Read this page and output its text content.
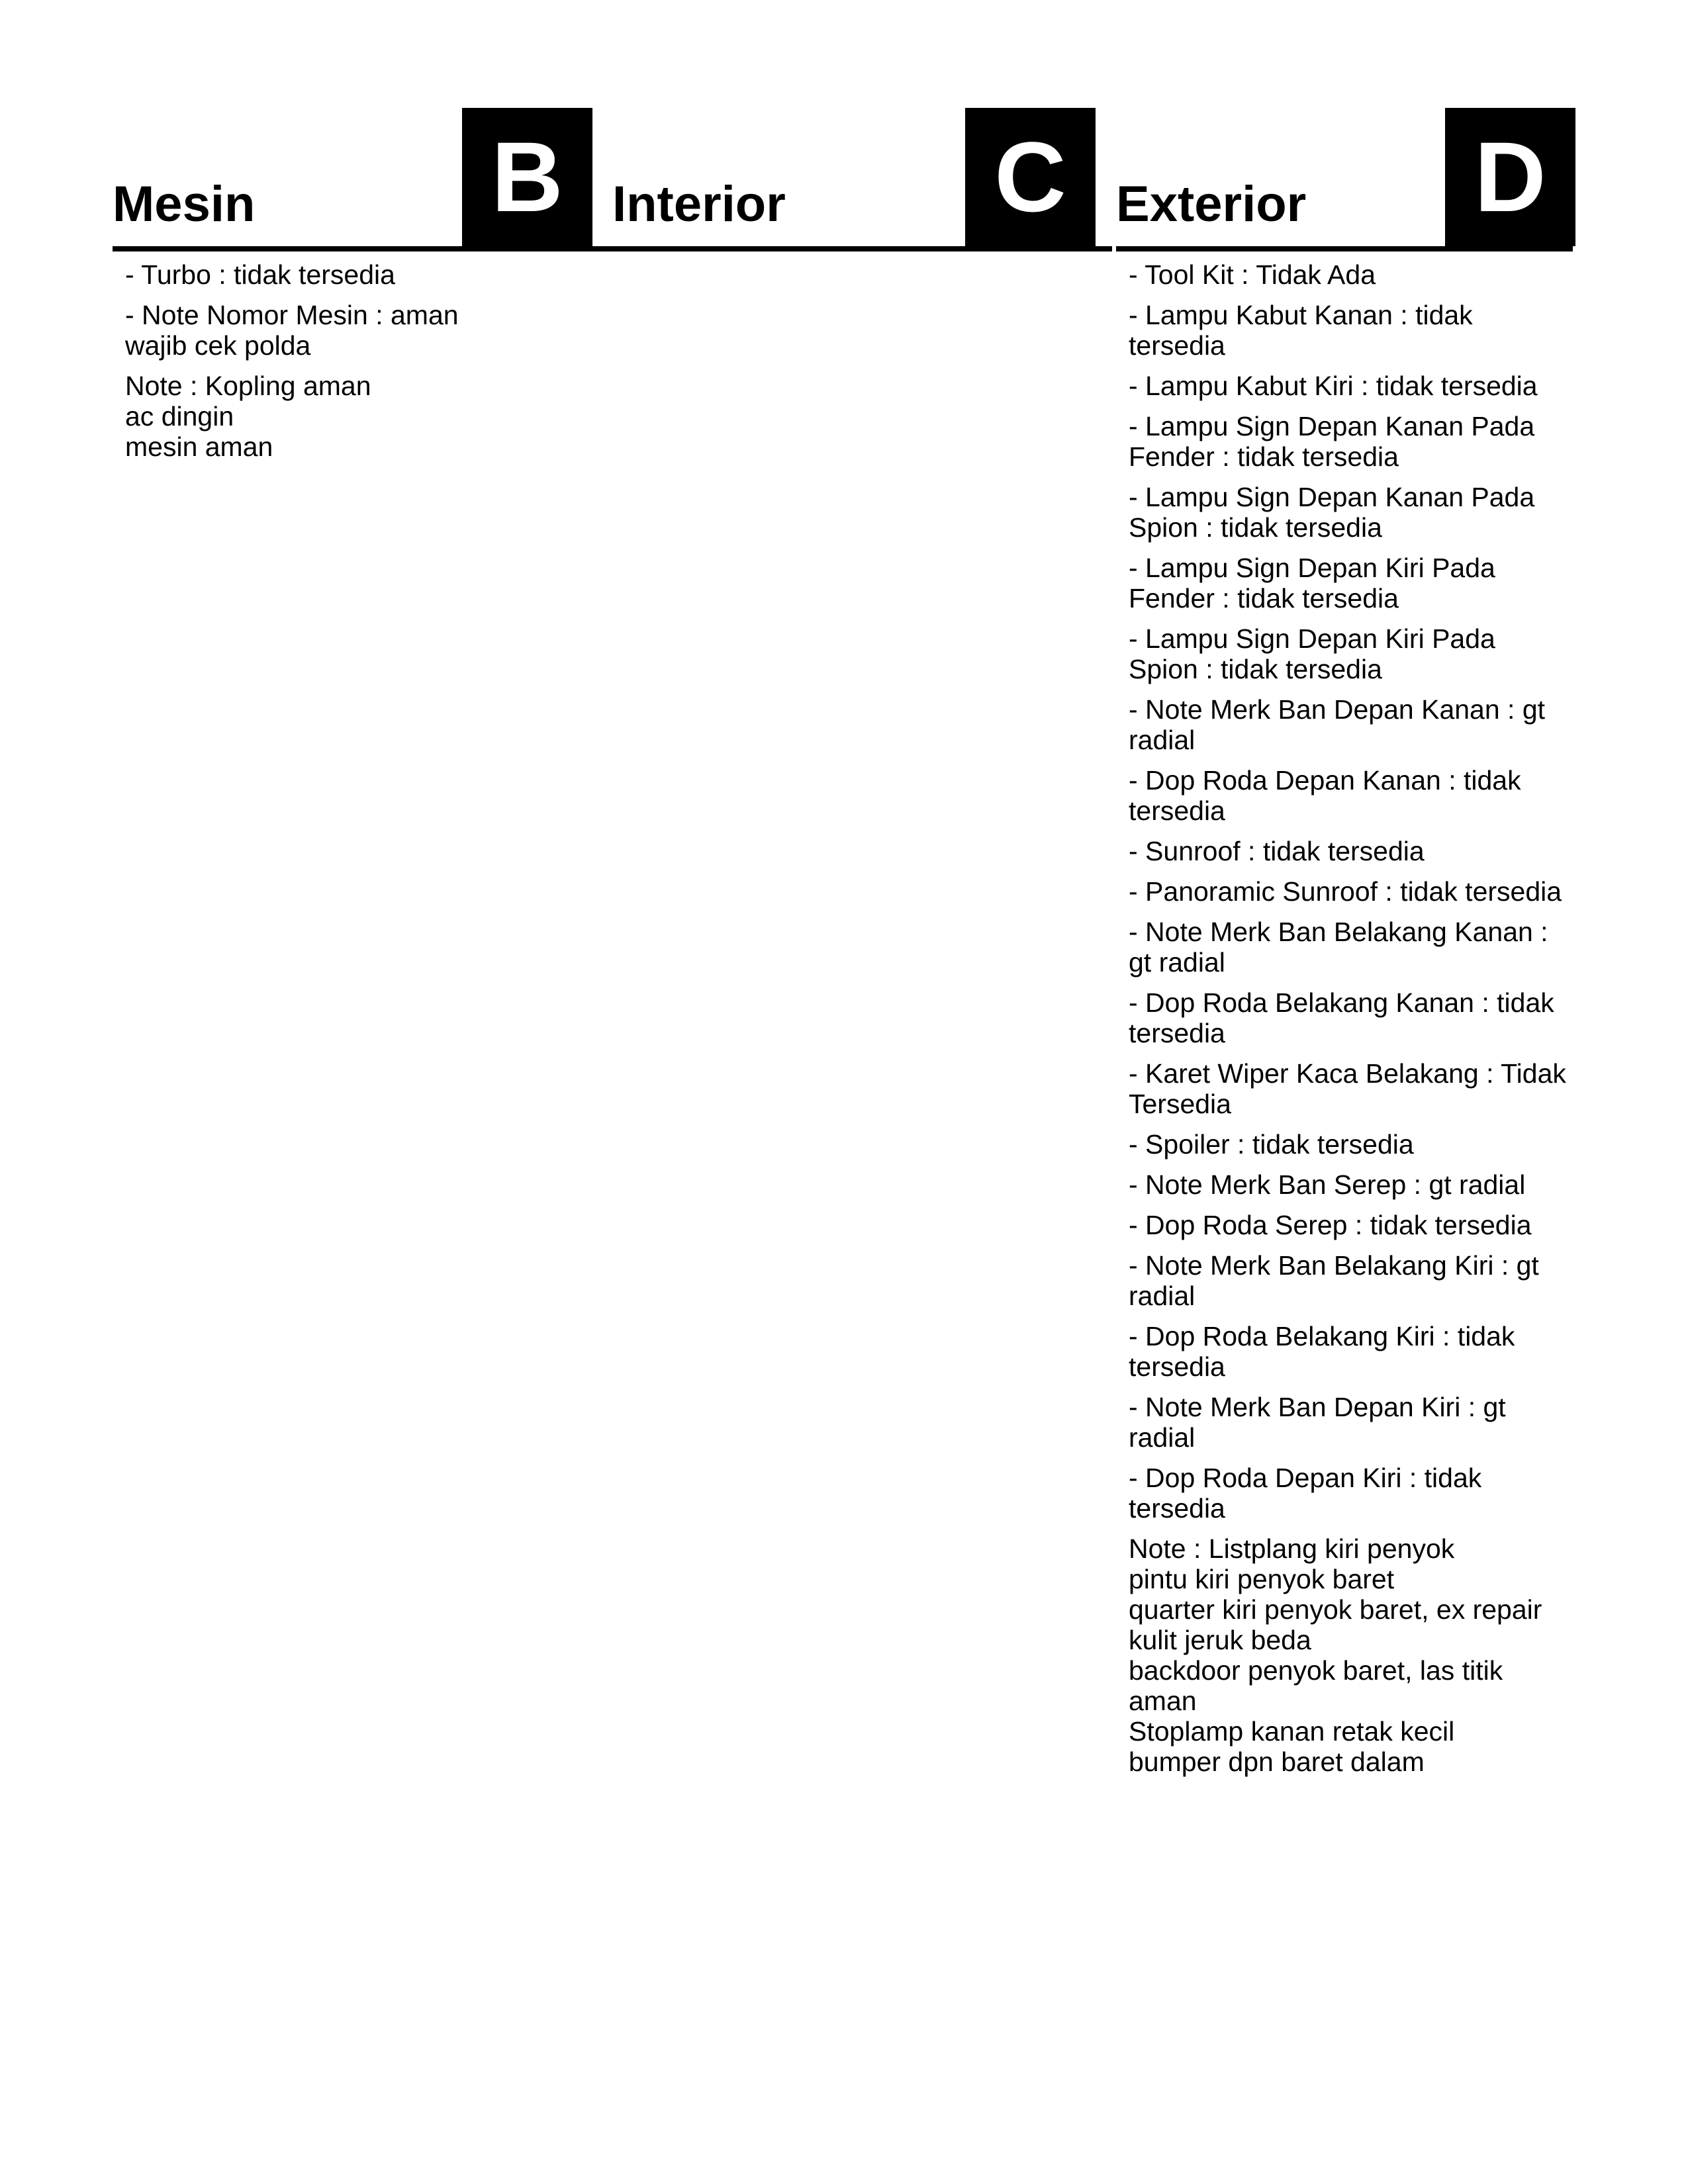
Mesin B
- Turbo : tidak tersedia
- Note Nomor Mesin : aman
wajib cek polda
Note : Kopling aman
ac dingin
mesin aman
Interior C Exterior D
- Tool Kit : Tidak Ada
- Lampu Kabut Kanan : tidak tersedia
- Lampu Kabut Kiri : tidak tersedia
- Lampu Sign Depan Kanan Pada Fender : tidak tersedia
- Lampu Sign Depan Kanan Pada Spion : tidak tersedia
- Lampu Sign Depan Kiri Pada Fender : tidak tersedia
- Lampu Sign Depan Kiri Pada Spion : tidak tersedia
- Note Merk Ban Depan Kanan : gt radial
- Dop Roda Depan Kanan : tidak tersedia
- Sunroof : tidak tersedia
- Panoramic Sunroof : tidak tersedia
- Note Merk Ban Belakang Kanan : gt radial
- Dop Roda Belakang Kanan : tidak tersedia
- Karet Wiper Kaca Belakang : Tidak Tersedia
- Spoiler : tidak tersedia
- Note Merk Ban Serep : gt radial
- Dop Roda Serep : tidak tersedia
- Note Merk Ban Belakang Kiri : gt radial
- Dop Roda Belakang Kiri : tidak tersedia
- Note Merk Ban Depan Kiri : gt radial
- Dop Roda Depan Kiri : tidak tersedia
Note : Listplang kiri penyok
pintu kiri penyok baret
quarter kiri penyok baret, ex repair kulit jeruk beda
backdoor penyok baret, las titik aman
Stoplamp kanan retak kecil
bumper dpn baret dalam
